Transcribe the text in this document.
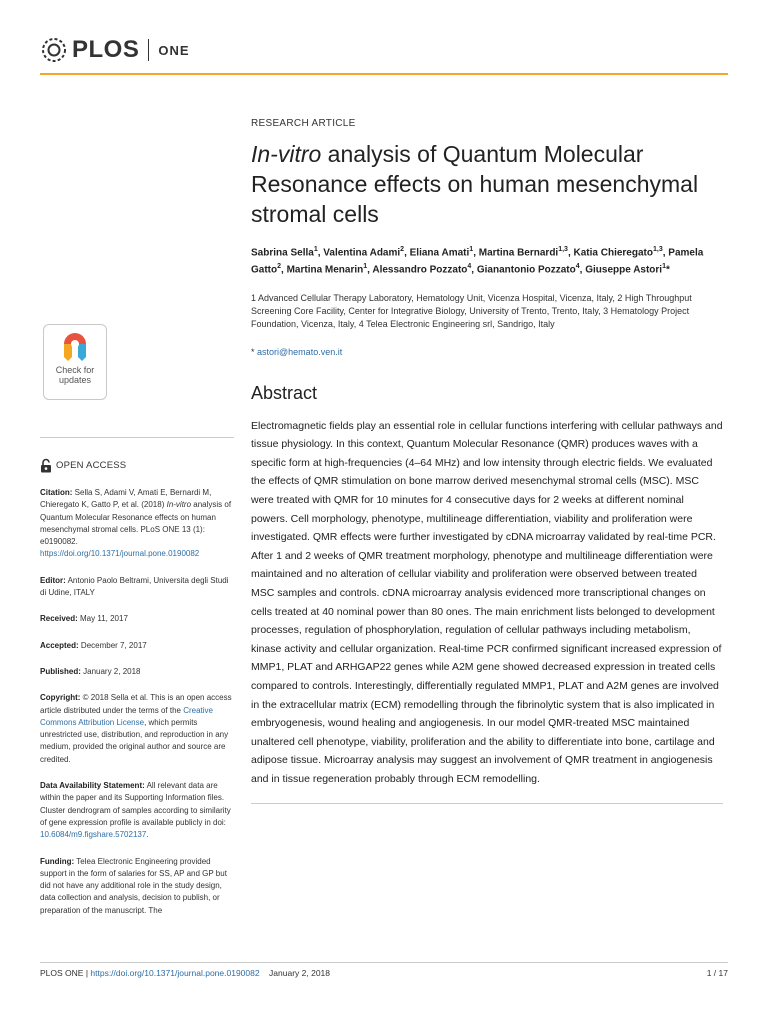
PLOS ONE
Check for
updates
OPEN ACCESS

Citation: Sella S, Adami V, Amati E, Bernardi M, Chieregato K, Gatto P, et al. (2018) In-vitro analysis of Quantum Molecular Resonance effects on human mesenchymal stromal cells. PLoS ONE 13 (1): e0190082. https://doi.org/10.1371/journal.pone.0190082

Editor: Antonio Paolo Beltrami, Universita degli Studi di Udine, ITALY

Received: May 11, 2017

Accepted: December 7, 2017

Published: January 2, 2018

Copyright: © 2018 Sella et al. This is an open access article distributed under the terms of the Creative Commons Attribution License, which permits unrestricted use, distribution, and reproduction in any medium, provided the original author and source are credited.

Data Availability Statement: All relevant data are within the paper and its Supporting Information files. Cluster dendrogram of samples according to similarity of gene expression profile is available publicly in doi: 10.6084/m9.figshare.5702137.

Funding: Telea Electronic Engineering provided support in the form of salaries for SS, AP and GP but did not have any additional role in the study design, data collection and analysis, decision to publish, or preparation of the manuscript. The

RESEARCH ARTICLE
In-vitro analysis of Quantum Molecular Resonance effects on human mesenchymal stromal cells
Sabrina Sella$^1$, Valentina Adami$^2$, Eliana Amati$^1$, Martina Bernardi$^{1,3}$, Katia Chieregato$^{1,3}$, Pamela Gatto$^2$, Martina Menarin$^1$, Alessandro Pozzato$^4$, Gianantonio Pozzato$^4$, Giuseppe Astori$^1$*

1 Advanced Cellular Therapy Laboratory, Hematology Unit, Vicenza Hospital, Vicenza, Italy, 2 High Throughput Screening Core Facility, Center for Integrative Biology, University of Trento, Trento, Italy, 3 Hematology Project Foundation, Vicenza, Italy, 4 Telea Electronic Engineering srl, Sandrigo, Italy

* astori@hemato.ven.it

Abstract

Electromagnetic fields play an essential role in cellular functions interfering with cellular pathways and tissue physiology. In this context, Quantum Molecular Resonance (QMR) produces waves with a specific form at high-frequencies (4–64 MHz) and low intensity through electric fields. We evaluated the effects of QMR stimulation on bone marrow derived mesenchymal stromal cells (MSC). MSC were treated with QMR for 10 minutes for 4 consecutive days for 2 weeks at different nominal powers. Cell morphology, phenotype, multilineage differentiation, viability and proliferation were investigated. QMR effects were further investigated by cDNA microarray validated by real-time PCR. After 1 and 2 weeks of QMR treatment morphology, phenotype and multilineage differentiation were maintained and no alteration of cellular viability and proliferation were observed between treated MSC samples and controls. cDNA microarray analysis evidenced more transcriptional changes on cells treated at 40 nominal power than 80 ones. The main enrichment lists belonged to development processes, regulation of phosphorylation, regulation of cellular pathways including metabolism, kinase activity and cellular organization. Real-time PCR confirmed significant increased expression of MMP1, PLAT and ARHGAP22 genes while A2M gene showed decreased expression in treated cells compared to controls. Interestingly, differentially regulated MMP1, PLAT and A2M genes are involved in the extracellular matrix (ECM) remodelling through the fibrinolytic system that is also implicated in embryogenesis, wound healing and angiogenesis. In our model QMR-treated MSC maintained unaltered cell phenotype, viability, proliferation and the ability to differentiate into bone, cartilage and adipose tissue. Microarray analysis may suggest an involvement of QMR treatment in angiogenesis and in tissue regeneration probably through ECM remodelling.

PLOS ONE | https://doi.org/10.1371/journal.pone.0190082 January 2, 2018	1 / 17
